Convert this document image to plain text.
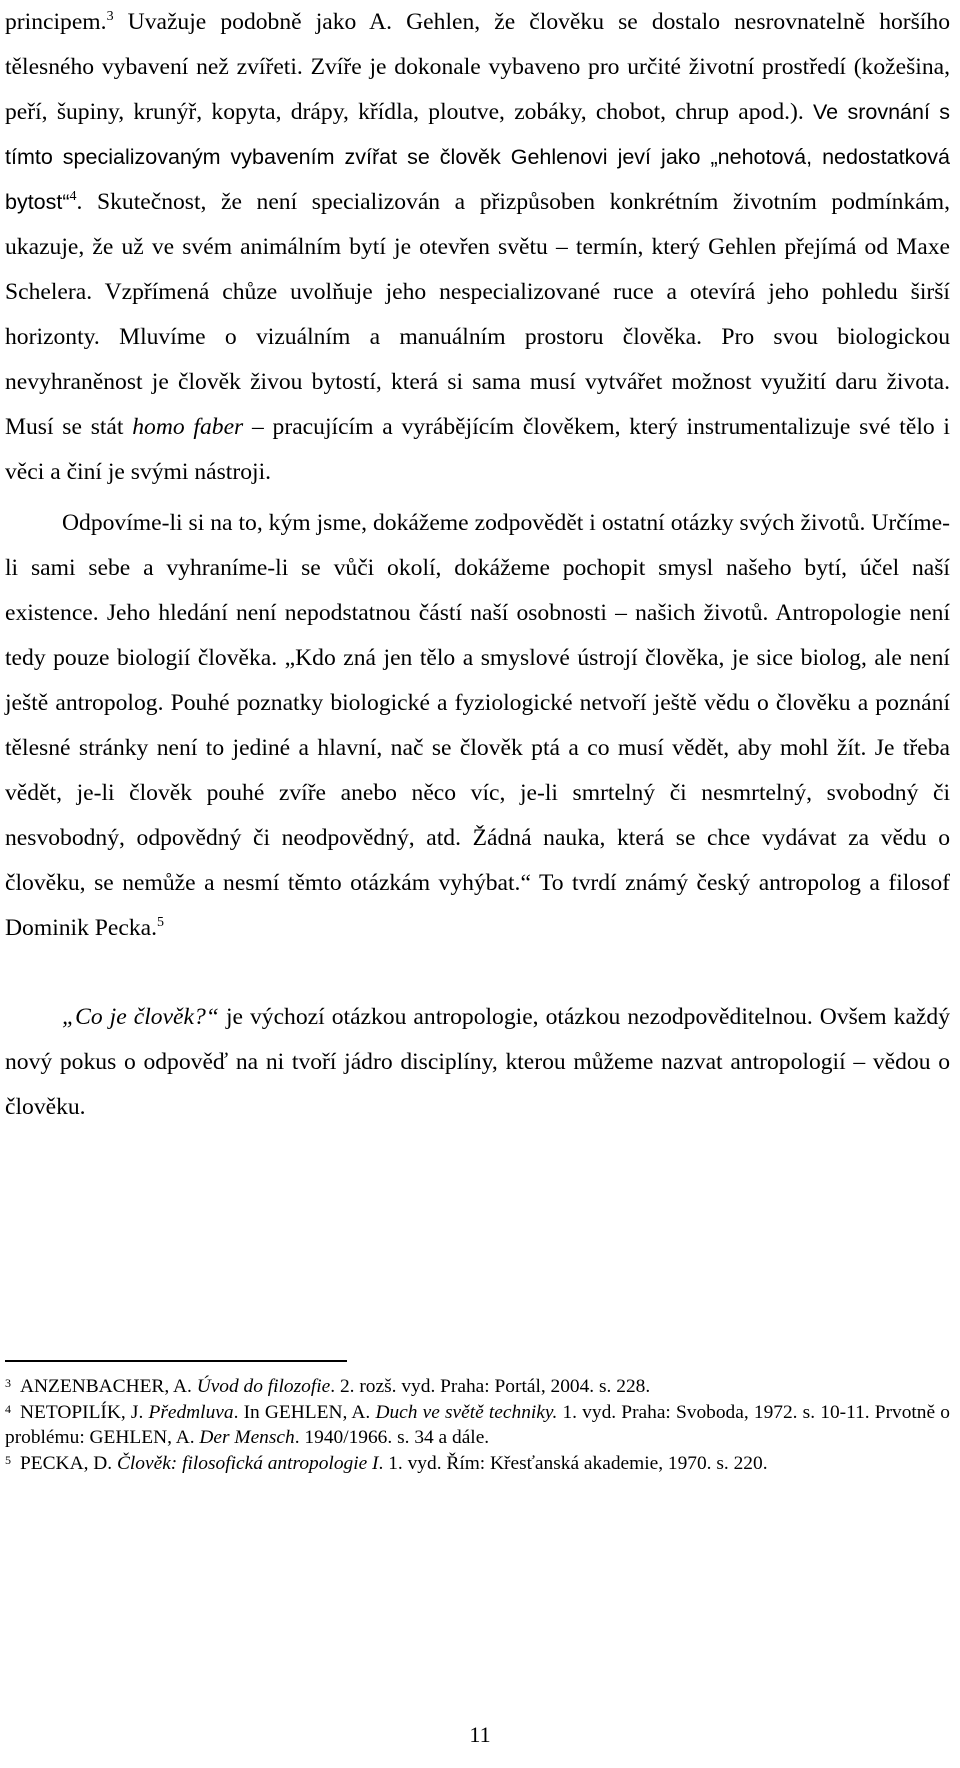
principem.$^3$ Uvažuje podobně jako A. Gehlen, že člověku se dostalo nesrovnatelně horšího tělesného vybavení než zvířeti. Zvíře je dokonale vybaveno pro určité životní prostředí (kožešina, peří, šupiny, krunýř, kopyta, drápy, křídla, ploutve, zobáky, chobot, chrup apod.). Ve srovnání s tímto specializovaným vybavením zvířat se člověk Gehlenovi jeví jako „nehotová, nedostatková bytost“$^4$. Skutečnost, že není specializován a přizpůsoben konkrétním životním podmínkám, ukazuje, že už ve svém animálním bytí je otevřen světu – termín, který Gehlen přejímá od Maxe Schelera. Vzpřímená chůze uvolňuje jeho nespecializované ruce a otevírá jeho pohledu širší horizonty. Mluvíme o vizuálním a manuálním prostoru člověka. Pro svou biologickou nevyhraněnost je člověk živou bytostí, která si sama musí vytvářet možnost využití daru života. Musí se stát homo faber – pracujícím a vyrábějícím člověkem, který instrumentalizuje své tělo i věci a činí je svými nástroji.

Odpovíme-li si na to, kým jsme, dokážeme zodpovědět i ostatní otázky svých životů. Určíme-li sami sebe a vyhraníme-li se vůči okolí, dokážeme pochopit smysl našeho bytí, účel naší existence. Jeho hledání není nepodstatnou částí naší osobnosti – našich životů. Antropologie není tedy pouze biologií člověka. „Kdo zná jen tělo a smyslové ústrojí člověka, je sice biolog, ale není ještě antropolog. Pouhé poznatky biologické a fyziologické netvoří ještě vědu o člověku a poznání tělesné stránky není to jediné a hlavní, nač se člověk ptá a co musí vědět, aby mohl žít. Je třeba vědět, je-li člověk pouhé zvíře anebo něco víc, je-li smrtelný či nesmrtelný, svobodný či nesvobodný, odpovědný či neodpovědný, atd. Žádná nauka, která se chce vydávat za vědu o člověku, se nemůže a nesmí těmto otázkám vyhýbat.“ To tvrdí známý český antropolog a filosof Dominik Pecka.$^5$

„Co je člověk?“ je výchozí otázkou antropologie, otázkou nezodpověditelnou. Ovšem každý nový pokus o odpověď na ni tvoří jádro disciplíny, kterou můžeme nazvat antropologií – vědou o člověku.

$^3$ ANZENBACHER, A. Úvod do filozofie. 2. rozš. vyd. Praha: Portál, 2004. s. 228.

$^4$ NETOPILÍK, J. Předmluva. In GEHLEN, A. Duch ve světě techniky. 1. vyd. Praha: Svoboda, 1972. s. 10-11. Prvotně o problému: GEHLEN, A. Der Mensch. 1940/1966. s. 34 a dále.

$^5$ PECKA, D. Člověk: filosofická antropologie I. 1. vyd. Řím: Křesťanská akademie, 1970. s. 220.

11
